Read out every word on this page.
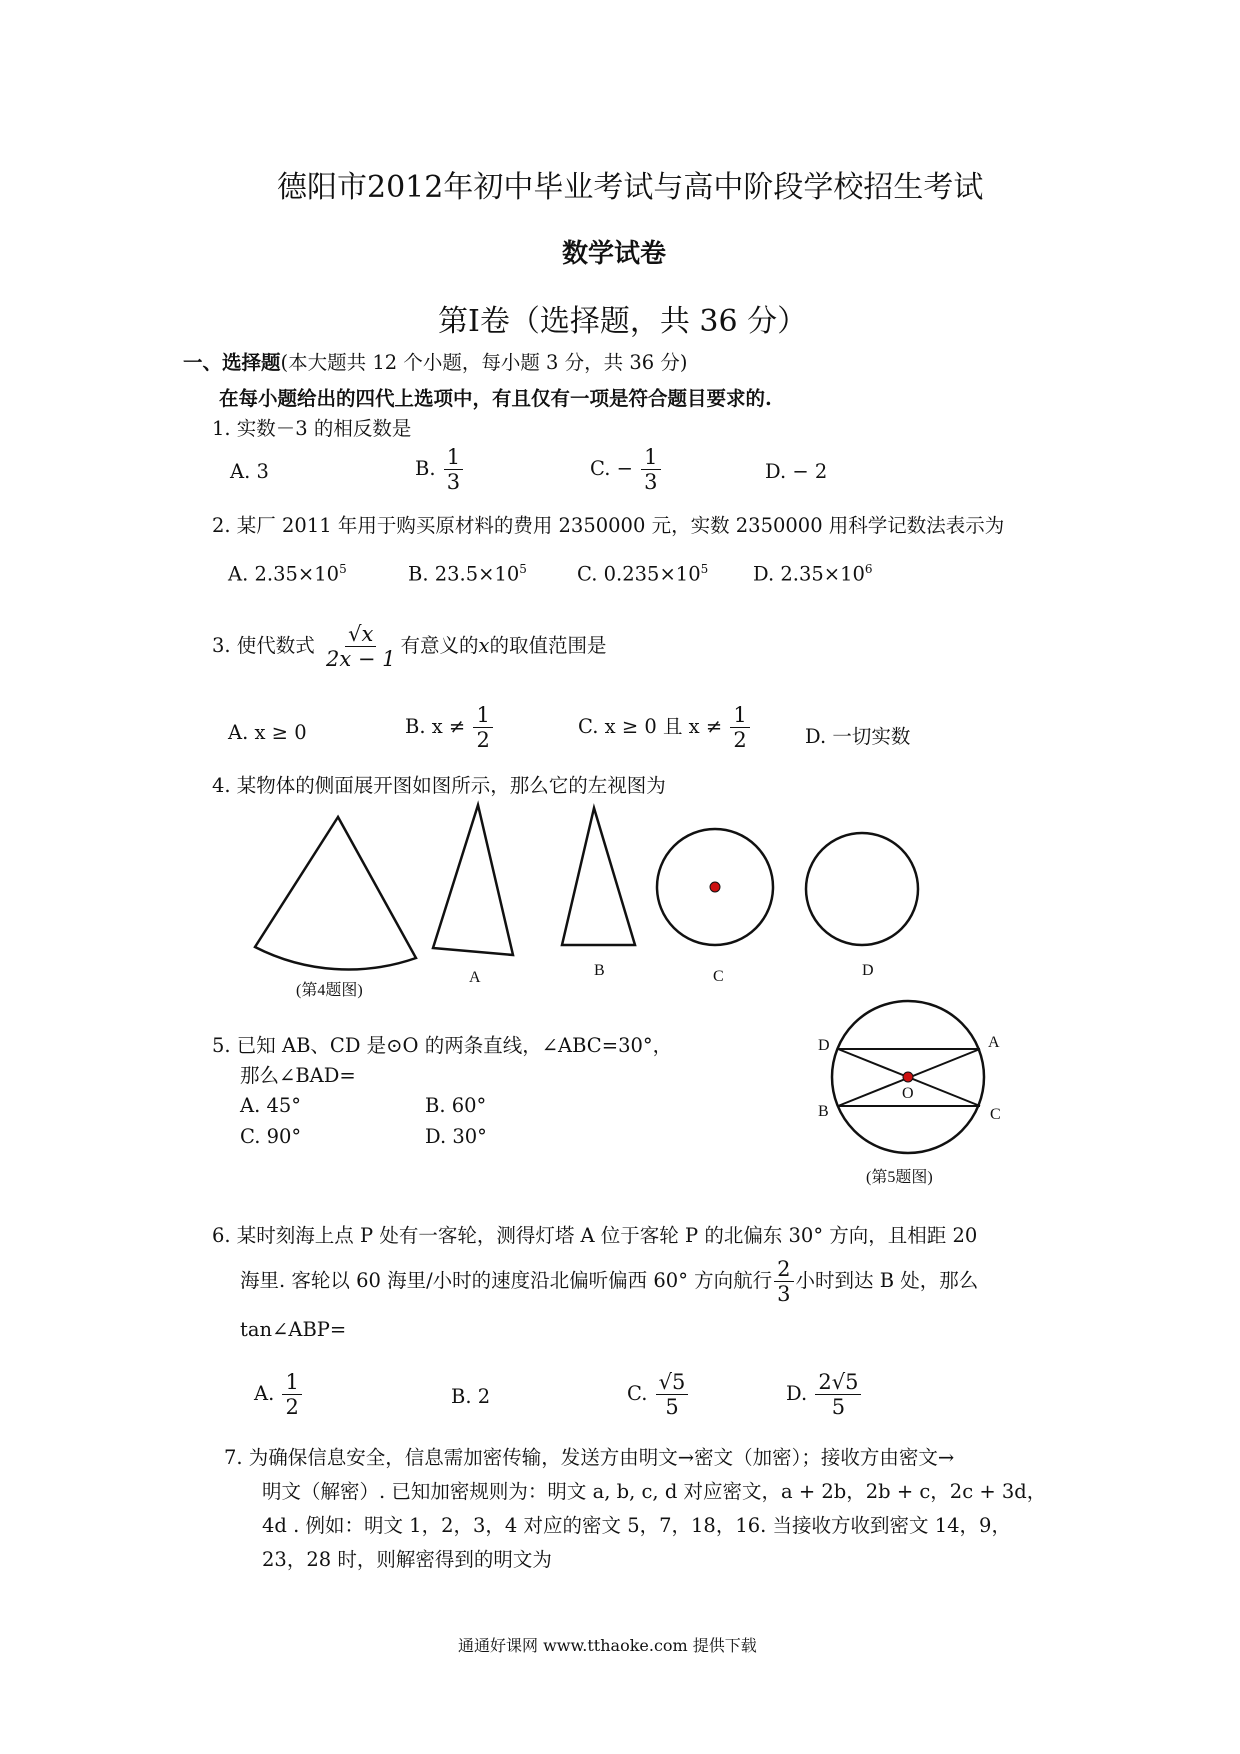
德阳市2012年初中毕业考试与高中阶段学校招生考试
数学试卷
第Ⅰ卷（选择题，共 36 分）
一、选择题(本大题共 12 个小题，每小题 3 分，共 36 分)
在每小题给出的四代上选项中，有且仅有一项是符合题目要求的.
1. 实数－3 的相反数是
A. 3	B. $\frac{1}{3}$	C. − $\frac{1}{3}$	D. − 2
2. 某厂 2011 年用于购买原材料的费用 2350000 元，实数 2350000 用科学记数法表示为
A. $2.35\times 10^5$	B. $23.5\times 10^5$	C. $0.235\times 10^5$ D. $2.35\times 10^6$
3. 使代数式 $\frac{√x}{2x - 1}$ 有意义的x的取值范围是
A. x ≥ 0	B. $x \ne \frac{1}{2}$	C. x ≥ 0 且 $x \ne \frac{1}{2}$	D. 一切实数
4. 某物体的侧面展开图如图所示，那么它的左视图为
(第4题图)
A	B	C	D
5. 已知 AB、CD 是⊙O 的两条直线，∠ABC=30°，
那么∠BAD=
A. 45°	B. 60°
C. 90°	D. 30°
D	A
B	C
O
(第5题图)
6. 某时刻海上点 P 处有一客轮，测得灯塔 A 位于客轮 P 的北偏东 30° 方向，且相距 20
海里. 客轮以 60 海里/小时的速度沿北偏听偏西 60° 方向航行 $\frac{2}{3}$ 小时到达 B 处，那么
tan∠ABP=
A. $\frac{1}{2}$	B. 2	C. $\frac{√5}{5}$	D. $\frac{2√5}{5}$
7. 为确保信息安全，信息需加密传输，发送方由明文→密文（加密）；接收方由密文→
明文（解密）. 已知加密规则为：明文 a, b, c, d 对应密文，a + 2b，2b + c，2c + 3d，
4d . 例如：明文 1，2，3，4 对应的密文 5，7，18，16. 当接收方收到密文 14，9，
23，28 时，则解密得到的明文为
通通好课网 www.tthaoke.com 提供下载
